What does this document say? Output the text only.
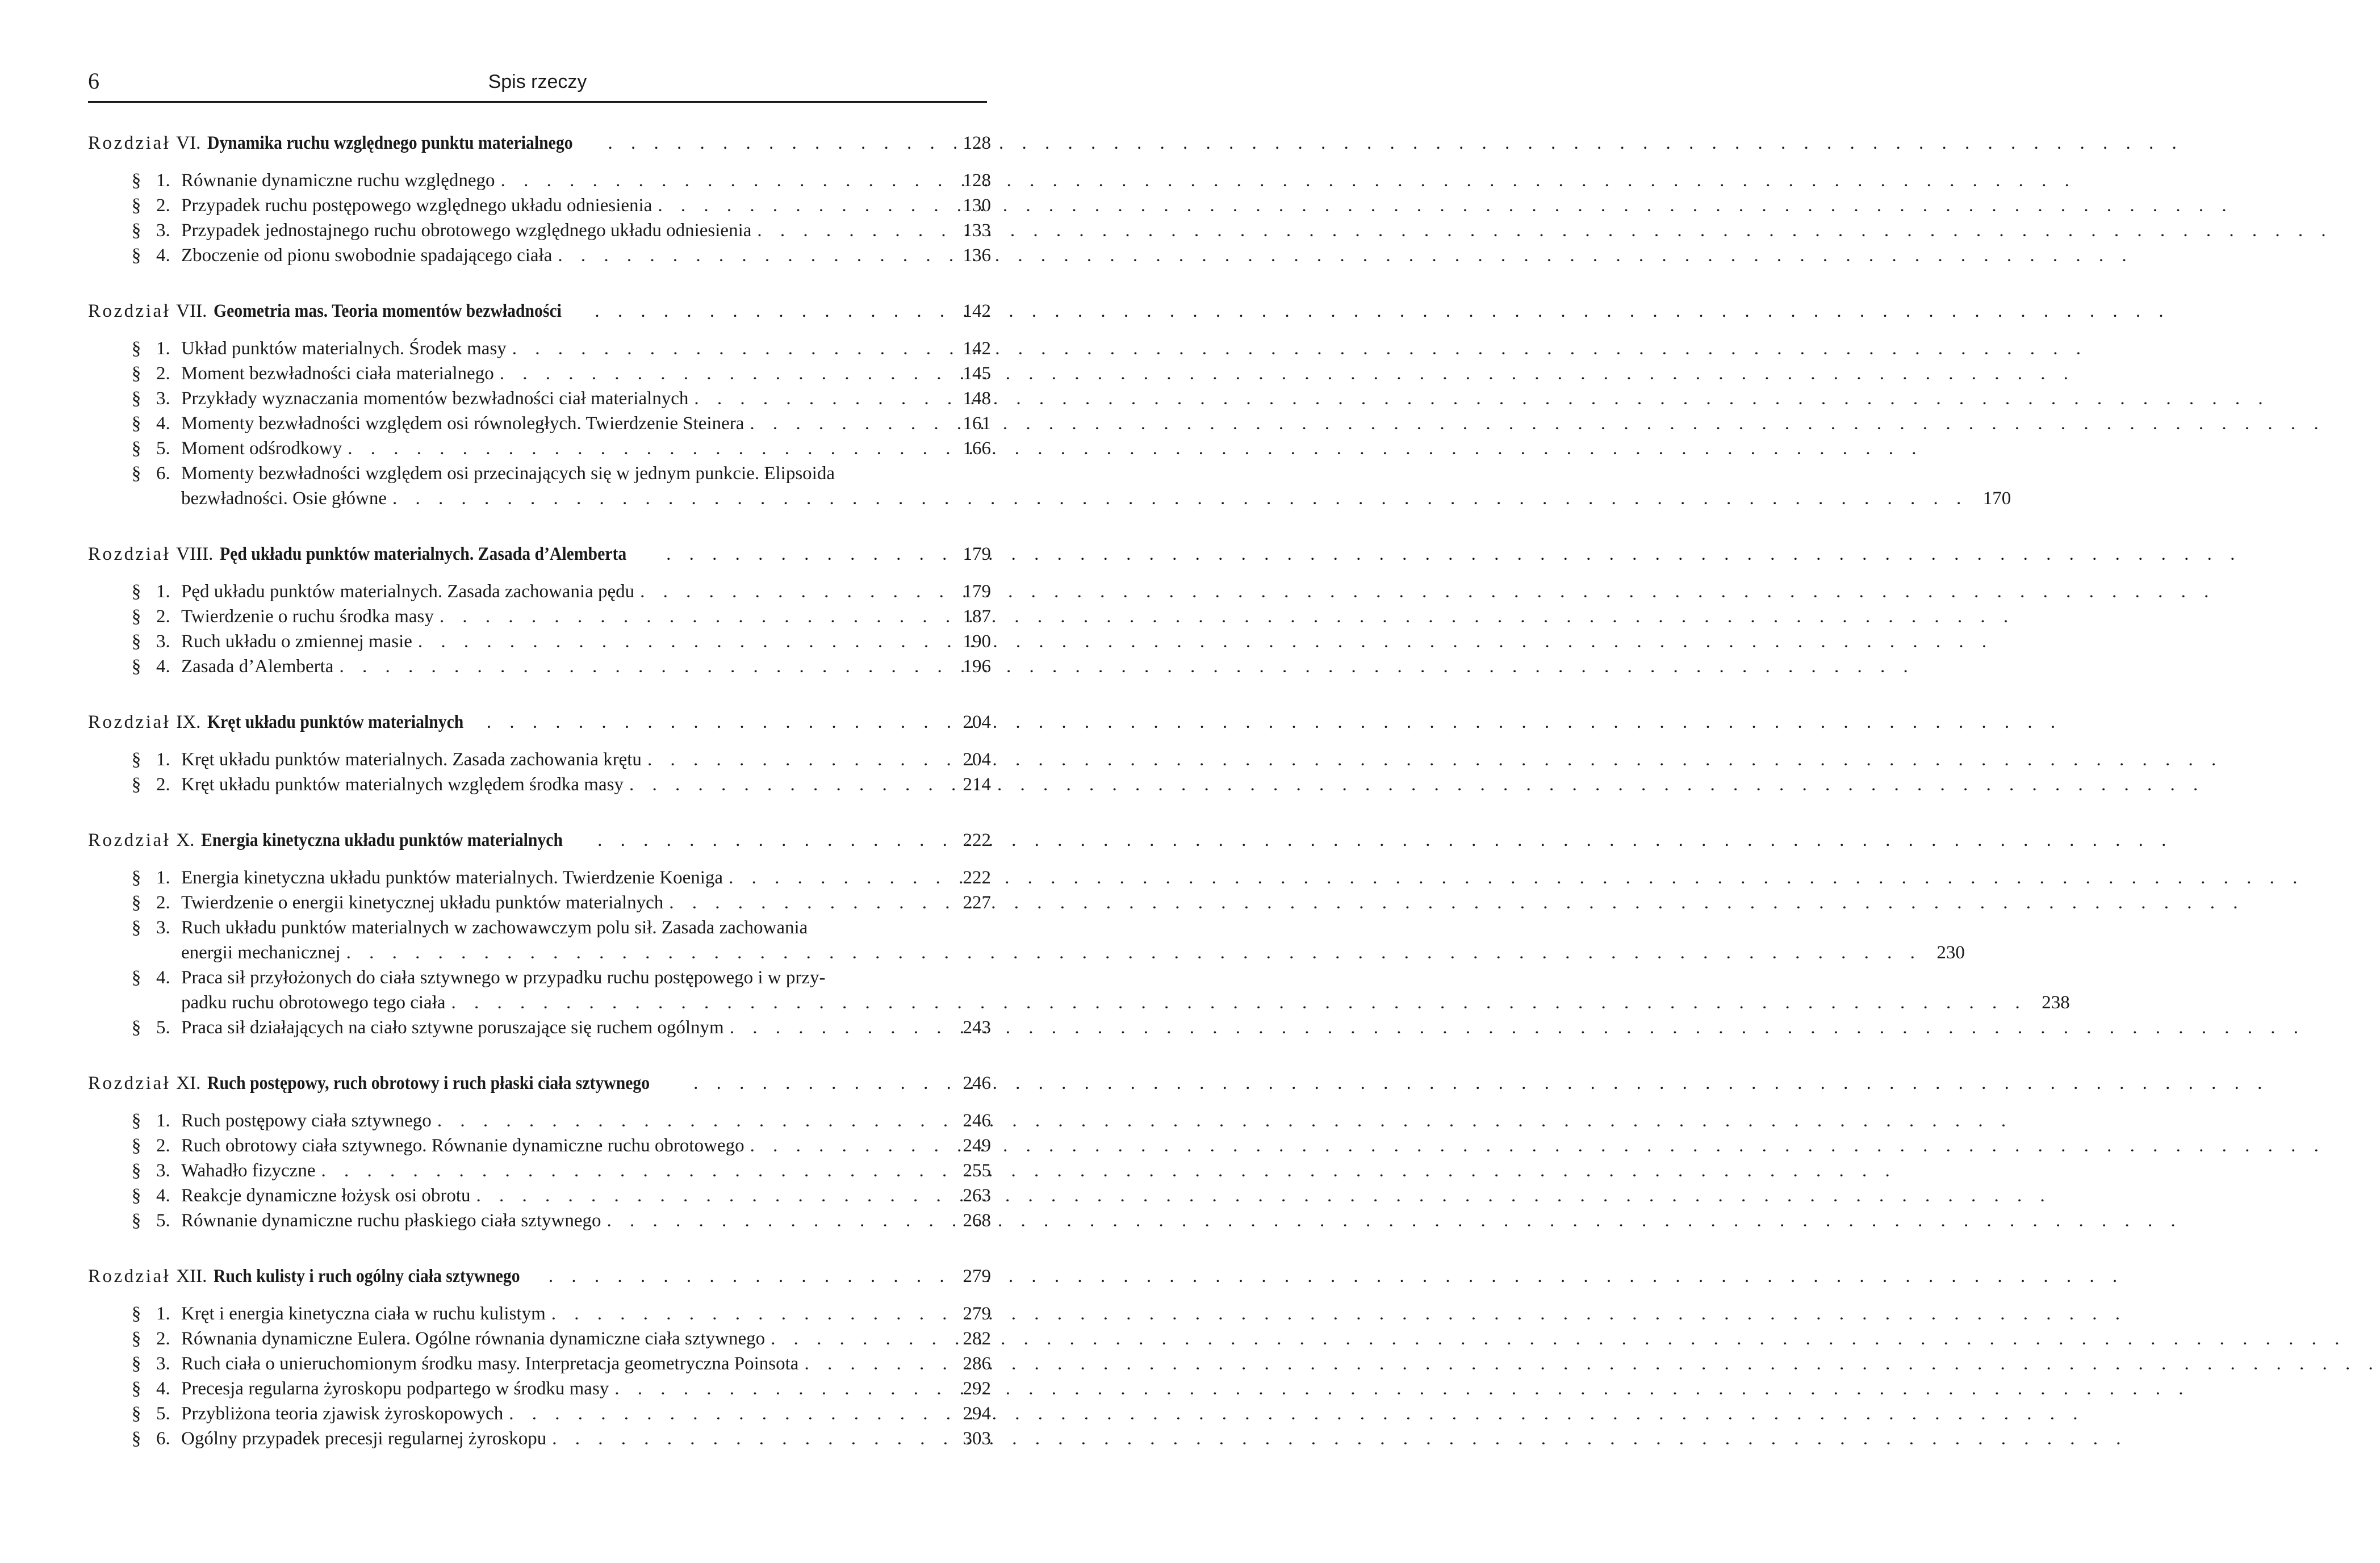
6	Spis rzeczy
Rozdział VI. Dynamika ruchu względnego punktu materialnego . . .	128
§ 1. Równanie dynamiczne ruchu względnego . . .	128
§ 2. Przypadek ruchu postępowego względnego układu odniesienia . . .	130
§ 3. Przypadek jednostajnego ruchu obrotowego względnego układu odniesienia . . .	133
§ 4. Zboczenie od pionu swobodnie spadającego ciała . . .	136
Rozdział VII. Geometria mas. Teoria momentów bezwładności . . .	142
§ 1. Układ punktów materialnych. Środek masy . . .	142
§ 2. Moment bezwładności ciała materialnego . . .	145
§ 3. Przykłady wyznaczania momentów bezwładności ciał materialnych . . .	148
§ 4. Momenty bezwładności względem osi równoległych. Twierdzenie Steinera . . .	161
§ 5. Moment odśrodkowy . . .	166
§ 6. Momenty bezwładności względem osi przecinających się w jednym punkcie. Elipsoida
bezwładności. Osie główne . . .	170
Rozdział VIII. Pęd układu punktów materialnych. Zasada d’Alemberta . . .	179
§ 1. Pęd układu punktów materialnych. Zasada zachowania pędu . . .	179
§ 2. Twierdzenie o ruchu środka masy . . .	187
§ 3. Ruch układu o zmiennej masie . . .	190
§ 4. Zasada d’Alemberta . . .	196
Rozdział IX. Kręt układu punktów materialnych . . .	204
§ 1. Kręt układu punktów materialnych. Zasada zachowania krętu . . .	204
§ 2. Kręt układu punktów materialnych względem środka masy . . .	214
Rozdział X. Energia kinetyczna układu punktów materialnych . . .	222
§ 1. Energia kinetyczna układu punktów materialnych. Twierdzenie Koeniga . . .	222
§ 2. Twierdzenie o energii kinetycznej układu punktów materialnych . . .	227
§ 3. Ruch układu punktów materialnych w zachowawczym polu sił. Zasada zachowania
energii mechanicznej . . .	230
§ 4. Praca sił przyłożonych do ciała sztywnego w przypadku ruchu postępowego i w przy-
padku ruchu obrotowego tego ciała . . .	238
§ 5. Praca sił działających na ciało sztywne poruszające się ruchem ogólnym . . .	243
Rozdział XI. Ruch postępowy, ruch obrotowy i ruch płaski ciała sztywnego . . .	246
§ 1. Ruch postępowy ciała sztywnego . . .	246
§ 2. Ruch obrotowy ciała sztywnego. Równanie dynamiczne ruchu obrotowego . . .	249
§ 3. Wahadło fizyczne . . .	255
§ 4. Reakcje dynamiczne łożysk osi obrotu . . .	263
§ 5. Równanie dynamiczne ruchu płaskiego ciała sztywnego . . .	268
Rozdział XII. Ruch kulisty i ruch ogólny ciała sztywnego . . .	279
§ 1. Kręt i energia kinetyczna ciała w ruchu kulistym . . .	279
§ 2. Równania dynamiczne Eulera. Ogólne równania dynamiczne ciała sztywnego . . .	282
§ 3. Ruch ciała o unieruchomionym środku masy. Interpretacja geometryczna Poinsota . . .	286
§ 4. Precesja regularna żyroskopu podpartego w środku masy . . .	292
§ 5. Przybliżona teoria zjawisk żyroskopowych . . .	294
§ 6. Ogólny przypadek precesji regularnej żyroskopu . . .	303
